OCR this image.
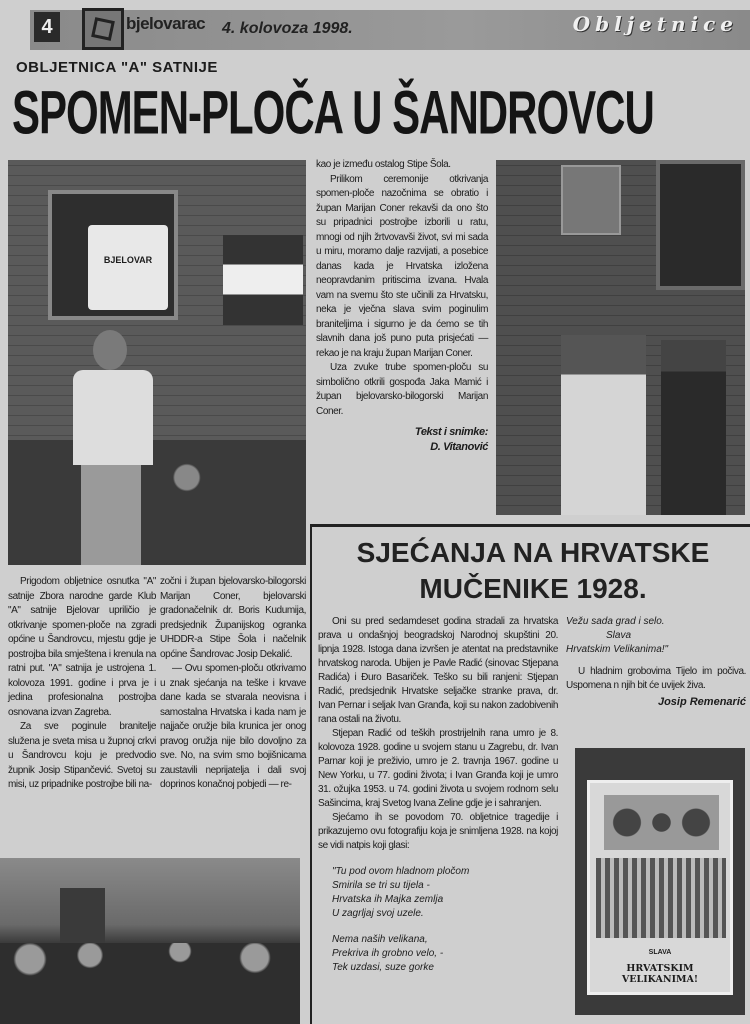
4	bjelovarac 4. kolovoza 1998.	Obljetnice
OBLJETNICA "A" SATNIJE
SPOMEN-PLOČA U ŠANDROVCU
BJELOVAR

kao je između ostalog Stipe Šola.

Prilikom ceremonije otkrivanja spomen-ploče nazočnima se obratio i župan Marijan Coner rekavši da ono što su pripadnici postrojbe izborili u ratu, mnogi od njih žrtvovavši život, svi mi sada u miru, moramo dalje razvijati, a posebice danas kada je Hrvatska izložena neopravdanim pritiscima izvana. Hvala vam na svemu što ste učinili za Hrvatsku, neka je vječna slava svim poginulim braniteljima i sigurno je da ćemo se tih slavnih dana još puno puta prisjećati — rekao je na kraju župan Marijan Coner.

Uza zvuke trube spomen-ploču su simbolično otkrili gospođa Jaka Mamić i župan bjelovarsko-bilogorski Marijan Coner.

Tekst i snimke:
D. Vitanović

Prigodom obljetnice osnutka "A" satnije Zbora narodne garde Klub "A" satnije Bjelovar upriličio je otkrivanje spomen-ploče na zgradi općine u Šandrovcu, mjestu gdje je postrojba bila smještena i krenula na ratni put. "A" satnija je ustrojena 1. kolovoza 1991. godine i prva je i jedina profesionalna postrojba osnovana izvan Zagreba.

Za sve poginule branitelje služena je sveta misa u župnoj crkvi u Šandrovcu koju je predvodio župnik Josip Stipančević. Svetoj su misi, uz pripadnike postrojbe bili na-

zočni i župan bjelovarsko-bilogorski Marijan Coner, bjelovarski gradonačelnik dr. Boris Kudumija, predsjednik Županijskog ogranka UHDDR-a Stipe Šola i načelnik općine Šandrovac Josip Dekalić.

— Ovu spomen-ploču otkrivamo u znak sjećanja na teške i krvave dane kada se stvarala neovisna i samostalna Hrvatska i kada nam je najjače oružje bila krunica jer onog pravog oružja nije bilo dovoljno za sve. No, na svim smo bojišnicama zaustavili neprijatelja i dali svoj doprinos konačnoj pobjedi — re-

SJEĆANJA NA HRVATSKE
MUČENIKE 1928.

Oni su pred sedamdeset godina stradali za hrvatska prava u ondašnjoj beogradskoj Narodnoj skupštini 20. lipnja 1928. Istoga dana izvršen je atentat na predstavnike hrvatskog naroda. Ubijen je Pavle Radić (sinovac Stjepana Radića) i Đuro Basariček. Teško su bili ranjeni: Stjepan Radić, predsjednik Hrvatske seljačke stranke prava, dr. Ivan Pernar i seljak Ivan Granđa, koji su nakon zadobivenih rana ostali na životu.

Stjepan Radić od teških prostrijelnih rana umro je 8. kolovoza 1928. godine u svojem stanu u Zagrebu, dr. Ivan Parnar koji je preživio, umro je 2. travnja 1967. godine u New Yorku, u 77. godini života; i Ivan Granđa koji je umro 31. ožujka 1953. u 74. godini života u svojem rodnom selu Sašincima, kraj Svetog Ivana Zeline gdje je i sahranjen.

Sjećamo ih se povodom 70. obljetnice tragedije i prikazujemo ovu fotografiju koja je snimljena 1928. na kojoj se vidi natpis koji glasi:

"Tu pod ovom hladnom pločom
Smirila se tri su tijela -
Hrvatska ih Majka zemlja
U zagrljaj svoj uzele.
Nema naših velikana,
Prekriva ih grobno velo, -
Tek uzdasi, suze gorke
Vežu sada grad i selo.
Slava
Hrvatskim Velikanima!"

U hladnim grobovima Tijelo im počiva. Uspomena n njih bit će uvijek živa.

Josip Remenarić
SLAVA
HRVATSKIM VELIKANIMA!
